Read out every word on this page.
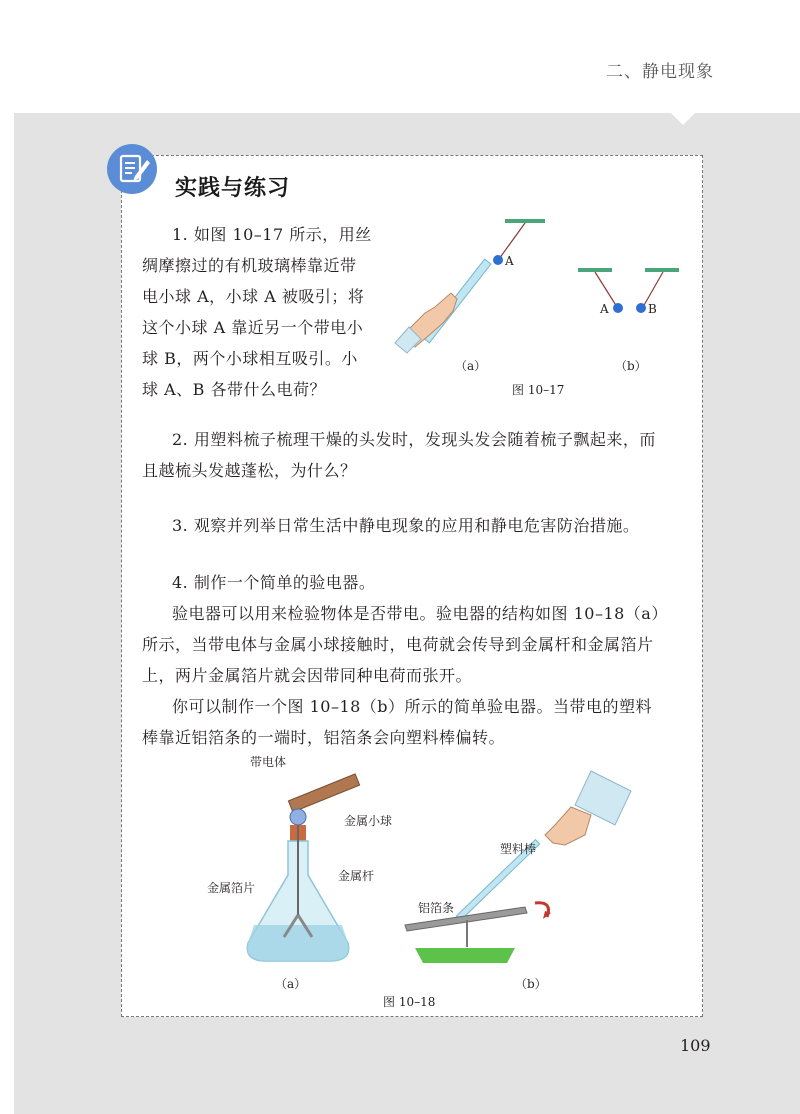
二、静电现象
实践与练习

1. 如图 10–17 所示，用丝

绸摩擦过的有机玻璃棒靠近带

电小球 A，小球 A 被吸引；将

这个小球 A 靠近另一个带电小

球 B，两个小球相互吸引。小

球 A、B 各带什么电荷？

A
A	B
（a）	（b）
图 10–17

2. 用塑料梳子梳理干燥的头发时，发现头发会随着梳子飘起来，而

且越梳头发越蓬松，为什么？

3. 观察并列举日常生活中静电现象的应用和静电危害防治措施。

4. 制作一个简单的验电器。

验电器可以用来检验物体是否带电。验电器的结构如图 10–18（a）

所示，当带电体与金属小球接触时，电荷就会传导到金属杆和金属箔片

上，两片金属箔片就会因带同种电荷而张开。

你可以制作一个图 10–18（b）所示的简单验电器。当带电的塑料

棒靠近铝箔条的一端时，铝箔条会向塑料棒偏转。

带电体
金属小球
金属杆
金属箔片
塑料棒
铝箔条
（a）	（b）
图 10–18
109
